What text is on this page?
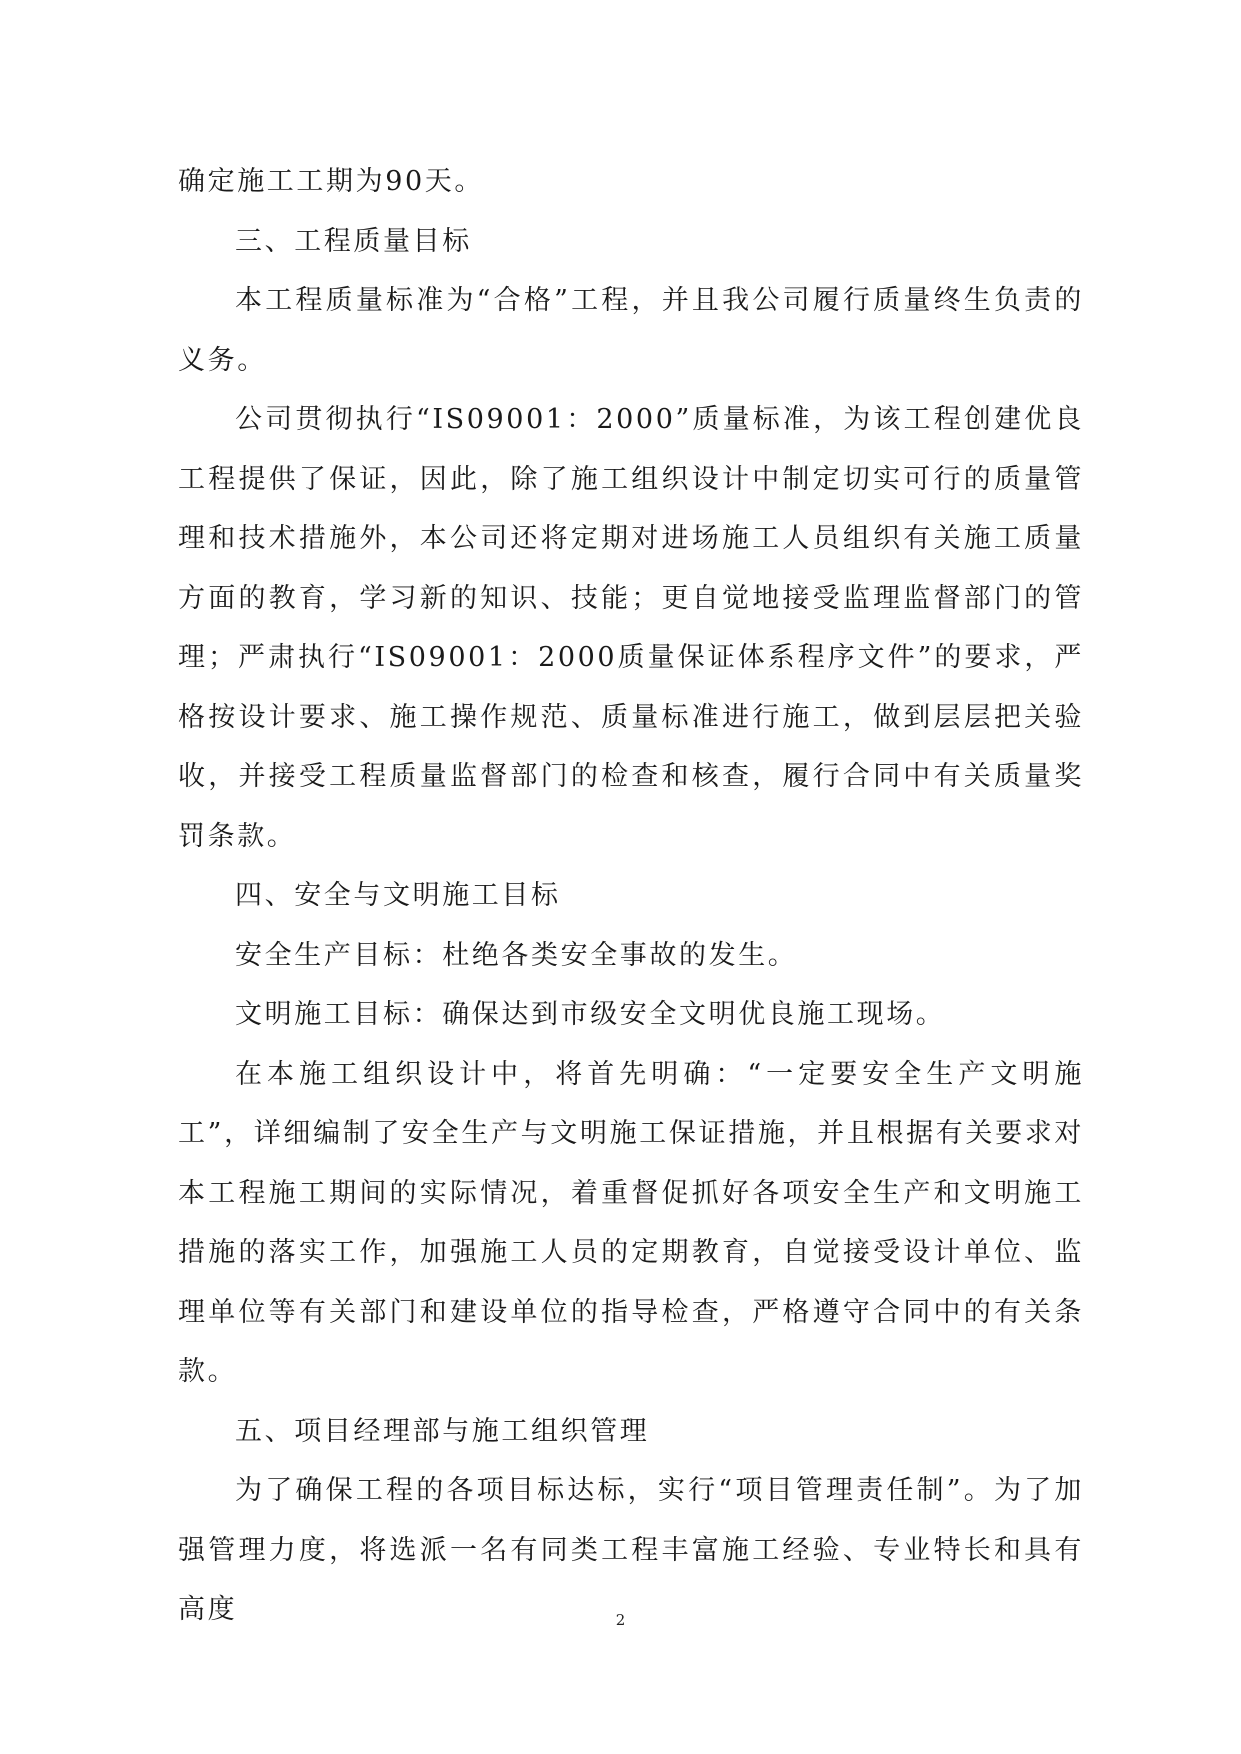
确定施工工期为90天。

三、工程质量目标

本工程质量标准为“合格”工程，并且我公司履行质量终生负责的义务。

公司贯彻执行“IS09001：2000”质量标准，为该工程创建优良工程提供了保证，因此，除了施工组织设计中制定切实可行的质量管理和技术措施外，本公司还将定期对进场施工人员组织有关施工质量方面的教育，学习新的知识、技能；更自觉地接受监理监督部门的管理；严肃执行“IS09001：2000质量保证体系程序文件”的要求，严格按设计要求、施工操作规范、质量标准进行施工，做到层层把关验收，并接受工程质量监督部门的检查和核查，履行合同中有关质量奖罚条款。

四、安全与文明施工目标

安全生产目标：杜绝各类安全事故的发生。

文明施工目标：确保达到市级安全文明优良施工现场。

在本施工组织设计中，将首先明确：“一定要安全生产文明施工”，详细编制了安全生产与文明施工保证措施，并且根据有关要求对本工程施工期间的实际情况，着重督促抓好各项安全生产和文明施工措施的落实工作，加强施工人员的定期教育，自觉接受设计单位、监理单位等有关部门和建设单位的指导检查，严格遵守合同中的有关条款。

五、项目经理部与施工组织管理

为了确保工程的各项目标达标，实行“项目管理责任制”。为了加强管理力度，将选派一名有同类工程丰富施工经验、专业特长和具有高度	2
